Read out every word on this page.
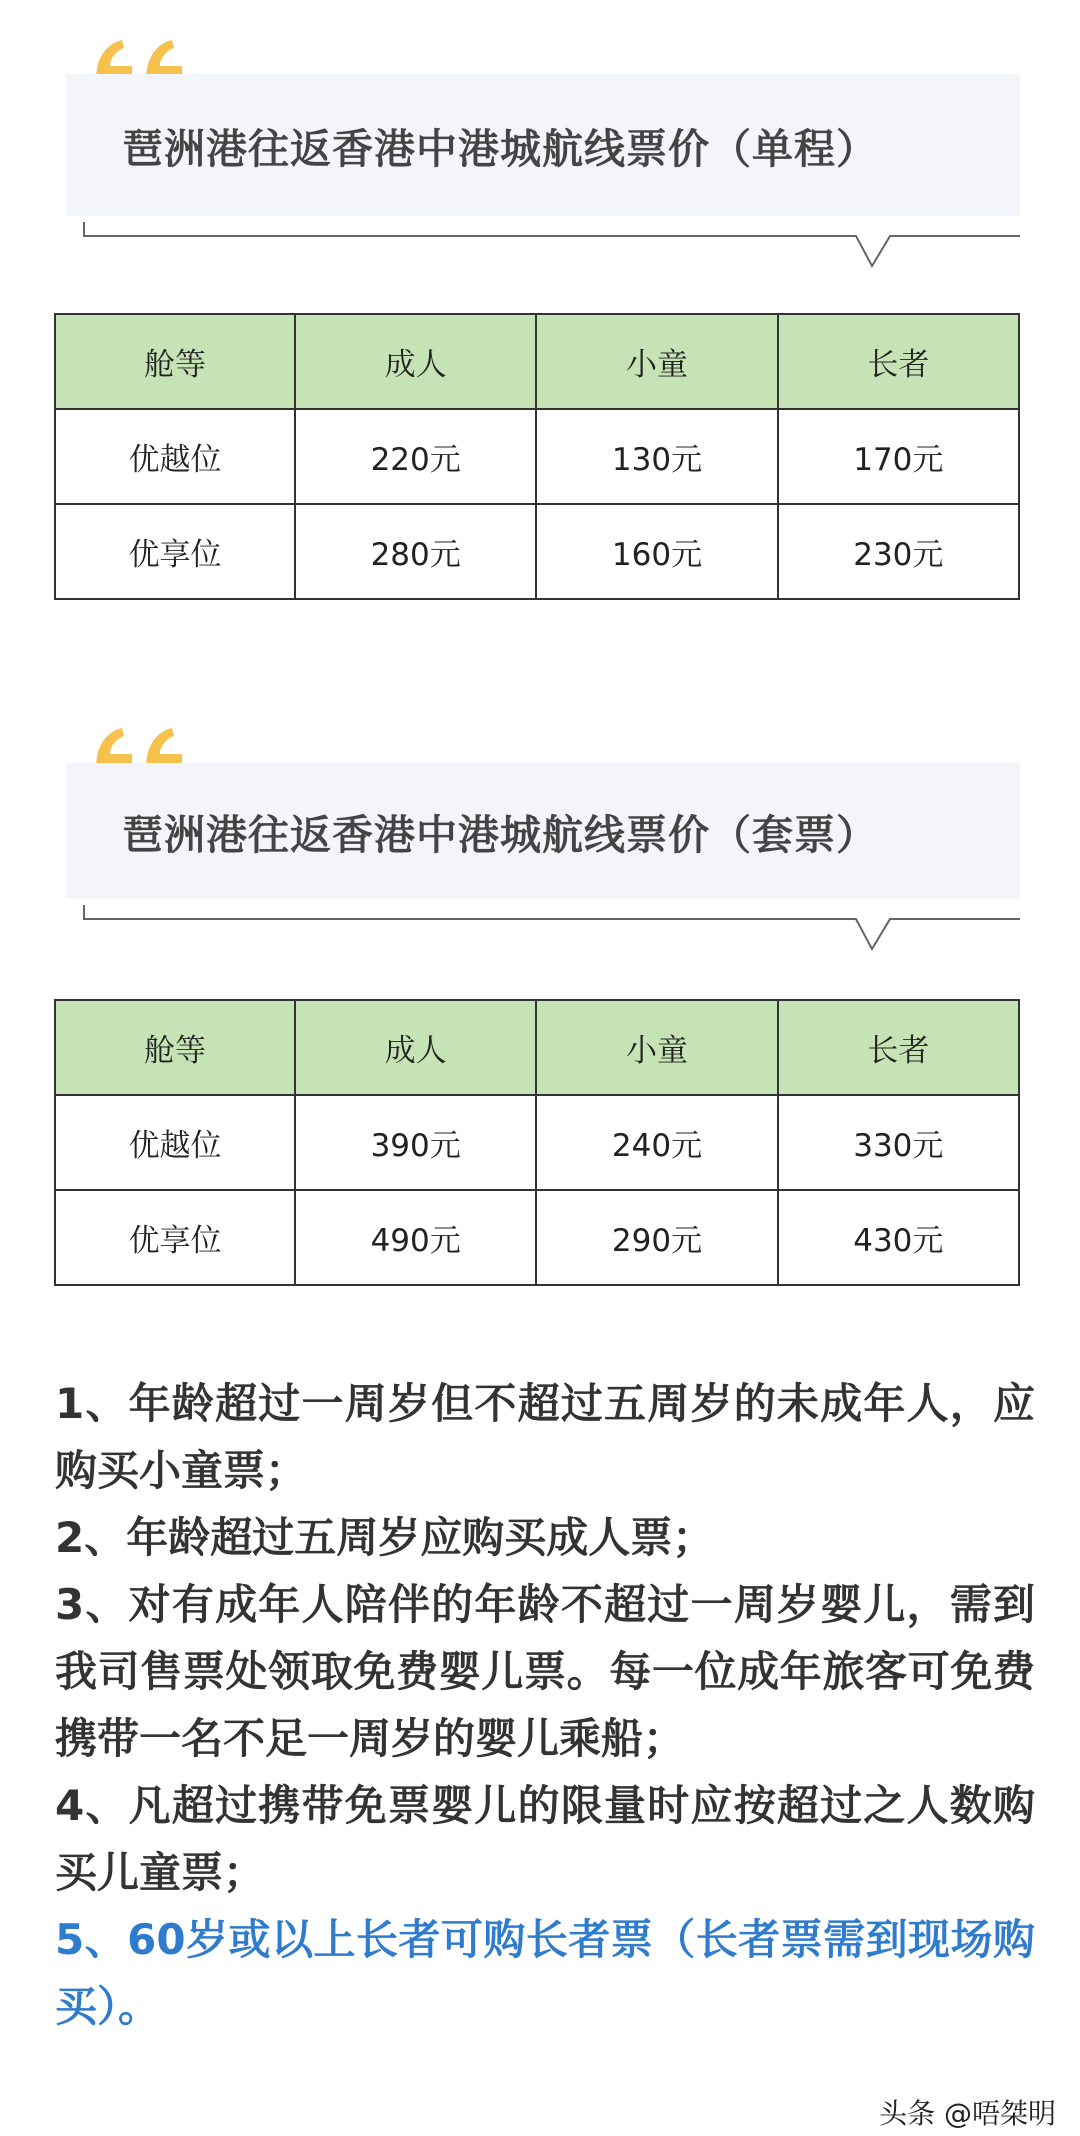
琶洲港往返香港中港城航线票价（单程）
舱等	成人	小童	长者
优越位	220元	130元	170元
优享位	280元	160元	230元
琶洲港往返香港中港城航线票价（套票）
舱等	成人	小童	长者
优越位	390元	240元	330元
优享位	490元	290元	430元

1、年龄超过一周岁但不超过五周岁的未成年人，应购买小童票；

2、年龄超过五周岁应购买成人票；

3、对有成年人陪伴的年龄不超过一周岁婴儿，需到我司售票处领取免费婴儿票。每一位成年旅客可免费携带一名不足一周岁的婴儿乘船；

4、凡超过携带免票婴儿的限量时应按超过之人数购买儿童票；

5、60岁或以上长者可购长者票（长者票需到现场购买）。

头条 @唔桀明
